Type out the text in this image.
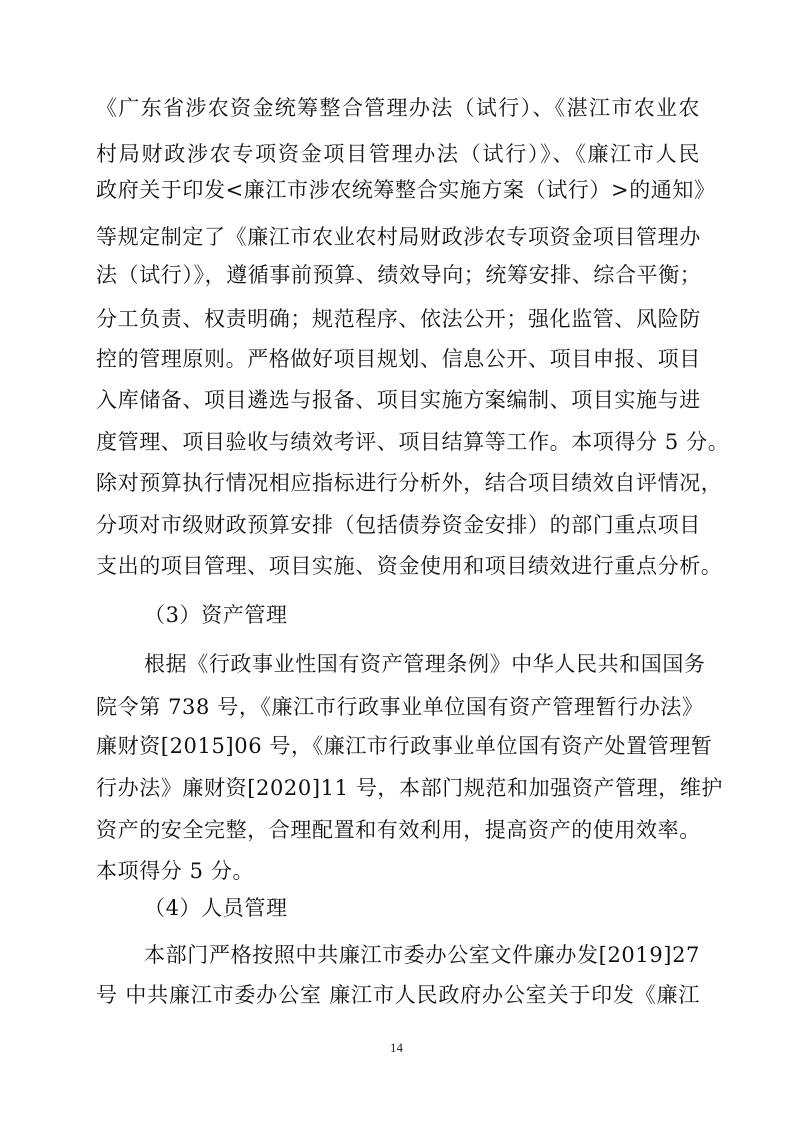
《广东省涉农资金统筹整合管理办法（试行）、《湛江市农业农
村局财政涉农专项资金项目管理办法（试行）》、《廉江市人民
政府关于印发<廉江市涉农统筹整合实施方案（试行）>的通知》
等规定制定了《廉江市农业农村局财政涉农专项资金项目管理办
法（试行）》，遵循事前预算、绩效导向；统筹安排、综合平衡；
分工负责、权责明确；规范程序、依法公开；强化监管、风险防
控的管理原则。严格做好项目规划、信息公开、项目申报、项目
入库储备、项目遴选与报备、项目实施方案编制、项目实施与进
度管理、项目验收与绩效考评、项目结算等工作。本项得分 5 分。
除对预算执行情况相应指标进行分析外，结合项目绩效自评情况，
分项对市级财政预算安排（包括债券资金安排）的部门重点项目
支出的项目管理、项目实施、资金使用和项目绩效进行重点分析。
（3）资产管理
根据《行政事业性国有资产管理条例》中华人民共和国国务
院令第 738 号，《廉江市行政事业单位国有资产管理暂行办法》
廉财资[2015]06 号，《廉江市行政事业单位国有资产处置管理暂
行办法》廉财资[2020]11 号，本部门规范和加强资产管理，维护
资产的安全完整，合理配置和有效利用，提高资产的使用效率。
本项得分 5 分。
（4）人员管理
本部门严格按照中共廉江市委办公室文件廉办发[2019]27
号 中共廉江市委办公室 廉江市人民政府办公室关于印发《廉江
14
